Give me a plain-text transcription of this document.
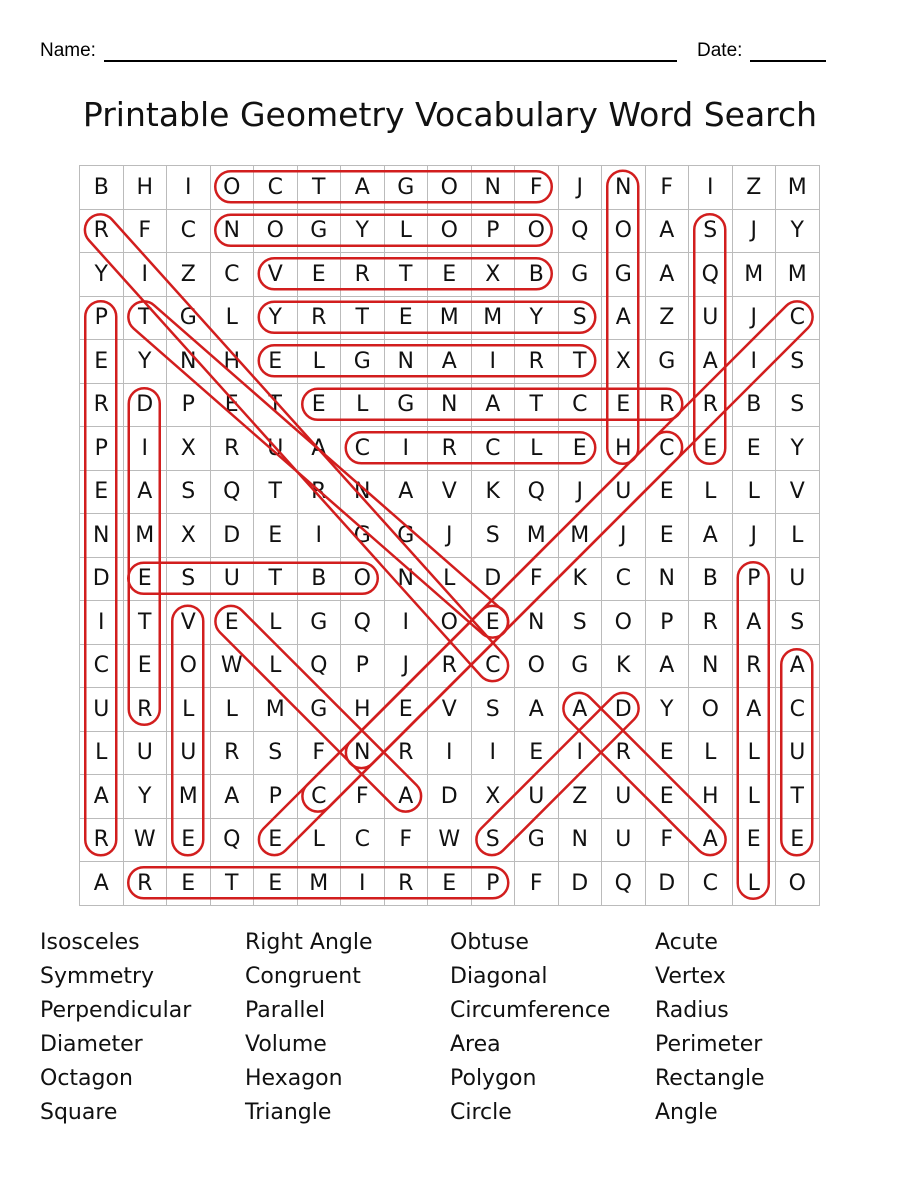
Name:	Date:
Printable Geometry Vocabulary Word Search
B	H	I	O	C	T	A	G	O	N	F	J	N	F	I	Z	M
R	F	C	N	O	G	Y	L	O	P	O	Q	O	A	S	J	Y
Y	I	Z	C	V	E	R	T	E	X	B	G	G	A	Q	M	M
P	T	G	L	Y	R	T	E	M	M	Y	S	A	Z	U	J	C
E	Y	N	H	E	L	G	N	A	I	R	T	X	G	A	I	S
R	D	P	E	T	E	L	G	N	A	T	C	E	R	R	B	S
P	I	X	R	U	A	C	I	R	C	L	E	H	C	E	E	Y
E	A	S	Q	T	R	N	A	V	K	Q	J	U	E	L	L	V
N	M	X	D	E	I	G	G	J	S	M	M	J	E	A	J	L
D	E	S	U	T	B	O	N	L	D	F	K	C	N	B	P	U
I	T	V	E	L	G	Q	I	O	E	N	S	O	P	R	A	S
C	E	O	W	L	Q	P	J	R	C	O	G	K	A	N	R	A
U	R	L	L	M	G	H	E	V	S	A	A	D	Y	O	A	C
L	U	U	R	S	F	N	R	I	I	E	I	R	E	L	L	U
A	Y	M	A	P	C	F	A	D	X	U	Z	U	E	H	L	T
R	W	E	Q	E	L	C	F	W	S	G	N	U	F	A	E	E
A	R	E	T	E	M	I	R	E	P	F	D	Q	D	C	L	O
Isosceles	Right Angle	Obtuse	Acute
Symmetry	Congruent	Diagonal	Vertex
Perpendicular	Parallel	Circumference	Radius
Diameter	Volume	Area	Perimeter
Octagon	Hexagon	Polygon	Rectangle
Square	Triangle	Circle	Angle
